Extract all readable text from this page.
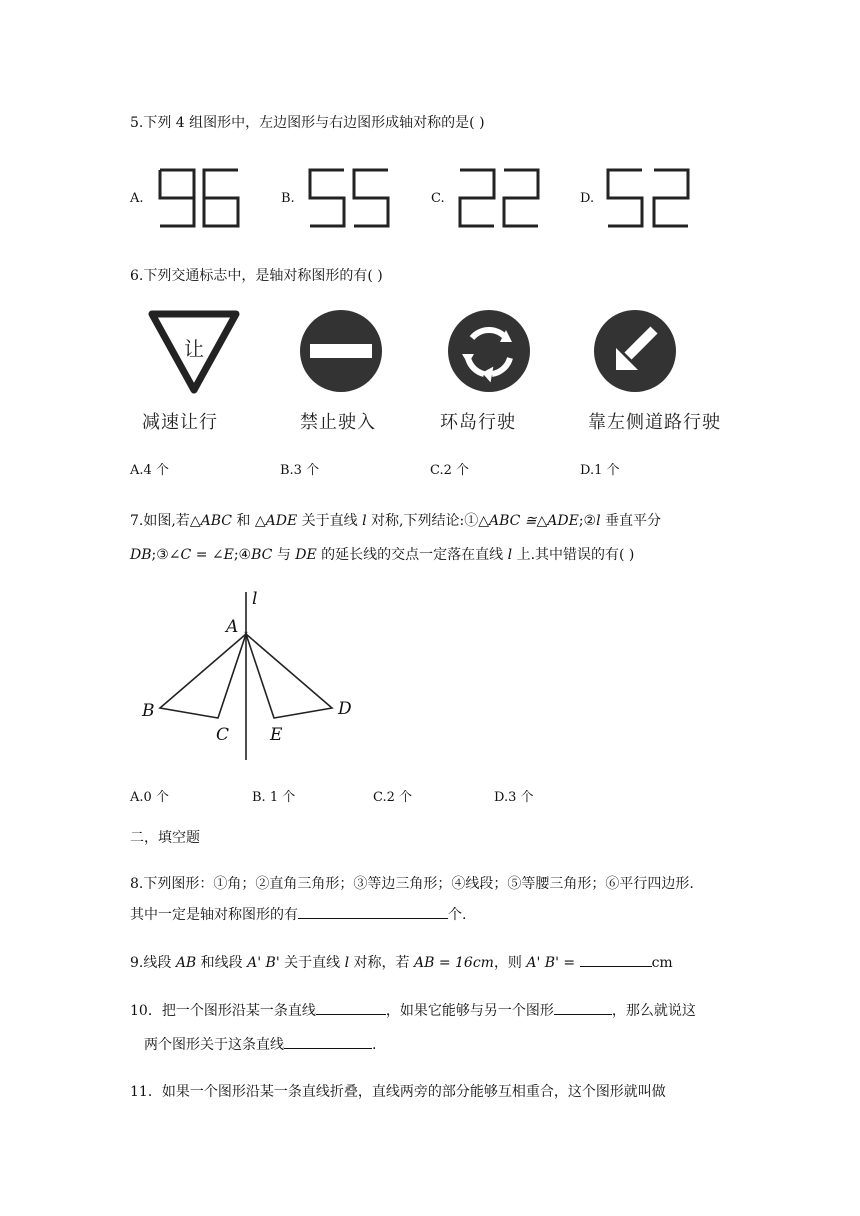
5.下列 4 组图形中，左边图形与右边图形成轴对称的是( )
A.	B.	C.	D.
6.下列交通标志中，是轴对称图形的有( )
让
减速让行	禁止驶入	环岛行驶	靠左侧道路行驶
A.4 个	B.3 个	C.2 个	D.1 个
7.如图,若△ABC 和 △ADE 关于直线 l 对称,下列结论:①△ABC ≅△ADE;②l 垂直平分
DB;③∠C = ∠E;④BC 与 DE 的延长线的交点一定落在直线 l 上.其中错误的有( )
l
A
B
C
D
E
A.0 个	B. 1 个	C.2 个	D.3 个
二，填空题
8.下列图形：①角；②直角三角形；③等边三角形；④线段；⑤等腰三角形；⑥平行四边形.
其中一定是轴对称图形的有	个.
9.线段 AB 和线段 A' B' 关于直线 l 对称，若 AB = 16cm，则 A' B' =	cm
10．把一个图形沿某一条直线	，如果它能够与另一个图形	，那么就说这
两个图形关于这条直线	.
11．如果一个图形沿某一条直线折叠，直线两旁的部分能够互相重合，这个图形就叫做
